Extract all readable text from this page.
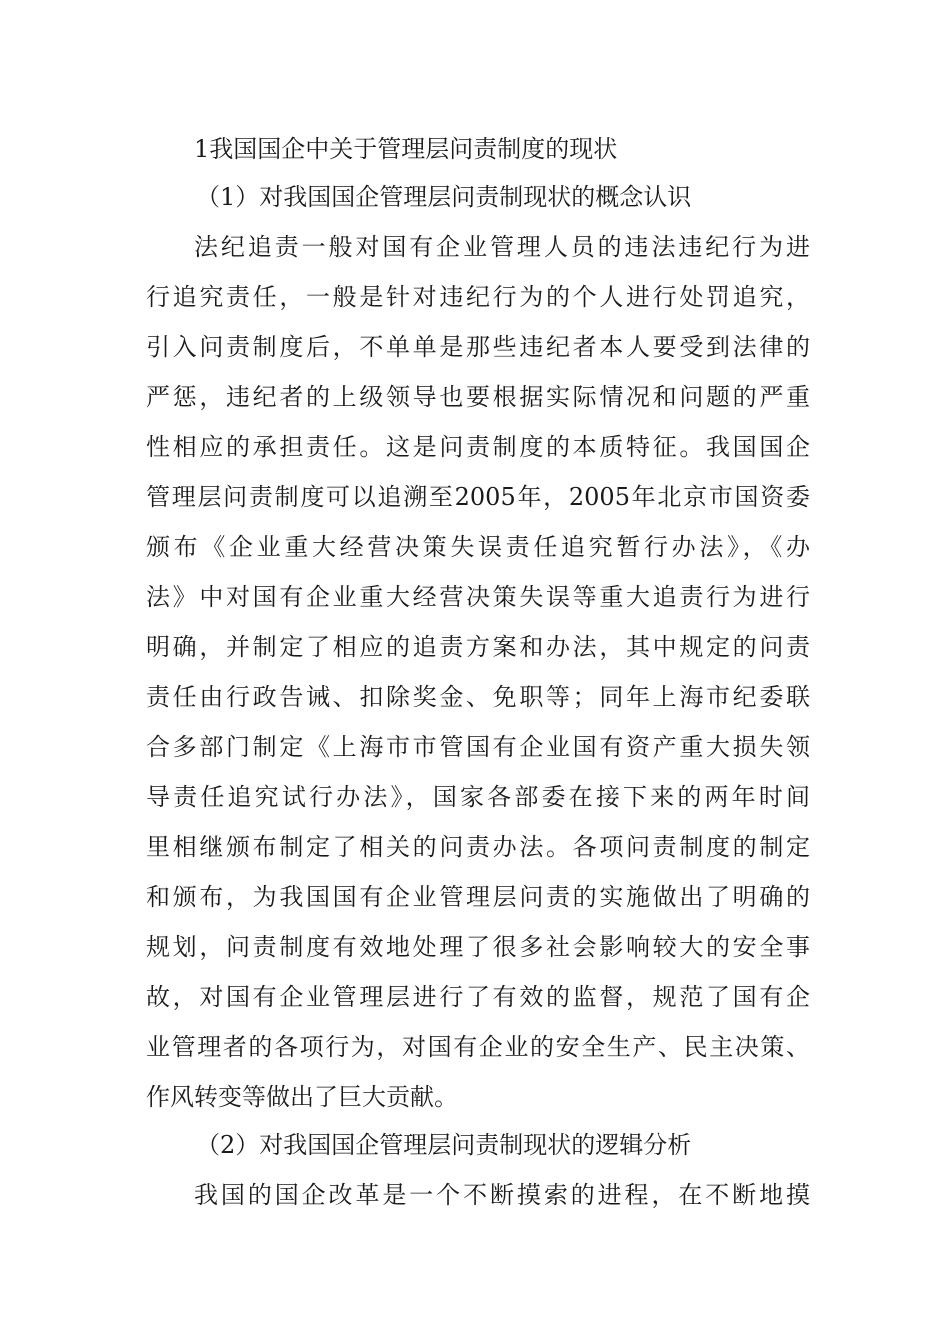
1我国国企中关于管理层问责制度的现状
（1）对我国国企管理层问责制现状的概念认识
法纪追责一般对国有企业管理人员的违法违纪行为进
行追究责任，一般是针对违纪行为的个人进行处罚追究，
引入问责制度后，不单单是那些违纪者本人要受到法律的
严惩，违纪者的上级领导也要根据实际情况和问题的严重
性相应的承担责任。这是问责制度的本质特征。我国国企
管理层问责制度可以追溯至2005年，2005年北京市国资委
颁布《企业重大经营决策失误责任追究暂行办法》，《办
法》中对国有企业重大经营决策失误等重大追责行为进行
明确，并制定了相应的追责方案和办法，其中规定的问责
责任由行政告诫、扣除奖金、免职等；同年上海市纪委联
合多部门制定《上海市市管国有企业国有资产重大损失领
导责任追究试行办法》，国家各部委在接下来的两年时间
里相继颁布制定了相关的问责办法。各项问责制度的制定
和颁布，为我国国有企业管理层问责的实施做出了明确的
规划，问责制度有效地处理了很多社会影响较大的安全事
故，对国有企业管理层进行了有效的监督，规范了国有企
业管理者的各项行为，对国有企业的安全生产、民主决策、
作风转变等做出了巨大贡献。
（2）对我国国企管理层问责制现状的逻辑分析
我国的国企改革是一个不断摸索的进程，在不断地摸
